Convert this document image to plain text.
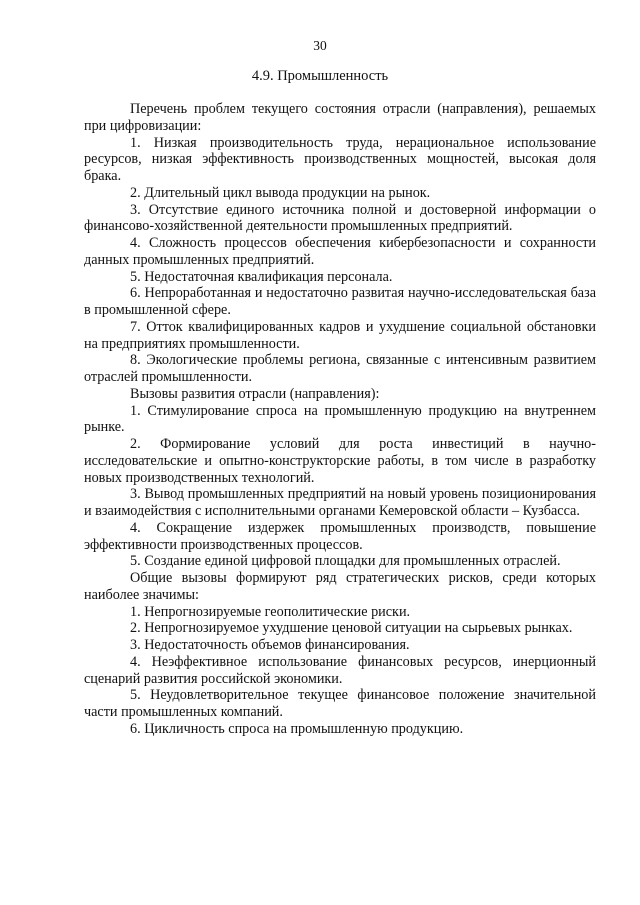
30
4.9. Промышленность

Перечень проблем текущего состояния отрасли (направления), решаемых при цифровизации:

1. Низкая производительность труда, нерациональное использование ресурсов, низкая эффективность производственных мощностей, высокая доля брака.

2. Длительный цикл вывода продукции на рынок.

3. Отсутствие единого источника полной и достоверной информации о финансово-хозяйственной деятельности промышленных предприятий.

4. Сложность процессов обеспечения кибербезопасности и сохранности данных промышленных предприятий.

5. Недостаточная квалификация персонала.

6. Непроработанная и недостаточно развитая научно-исследовательская база в промышленной сфере.

7. Отток квалифицированных кадров и ухудшение социальной обстановки на предприятиях промышленности.

8. Экологические проблемы региона, связанные с интенсивным развитием отраслей промышленности.

Вызовы развития отрасли (направления):

1. Стимулирование спроса на промышленную продукцию на внутреннем рынке.

2. Формирование условий для роста инвестиций в научно-исследовательские и опытно-конструкторские работы, в том числе в разработку новых производственных технологий.

3. Вывод промышленных предприятий на новый уровень позиционирования и взаимодействия с исполнительными органами Кемеровской области – Кузбасса.

4. Сокращение издержек промышленных производств, повышение эффективности производственных процессов.

5. Создание единой цифровой площадки для промышленных отраслей.

Общие вызовы формируют ряд стратегических рисков, среди которых наиболее значимы:

1. Непрогнозируемые геополитические риски.

2. Непрогнозируемое ухудшение ценовой ситуации на сырьевых рынках.

3. Недостаточность объемов финансирования.

4. Неэффективное использование финансовых ресурсов, инерционный сценарий развития российской экономики.

5. Неудовлетворительное текущее финансовое положение значительной части промышленных компаний.

6. Цикличность спроса на промышленную продукцию.
